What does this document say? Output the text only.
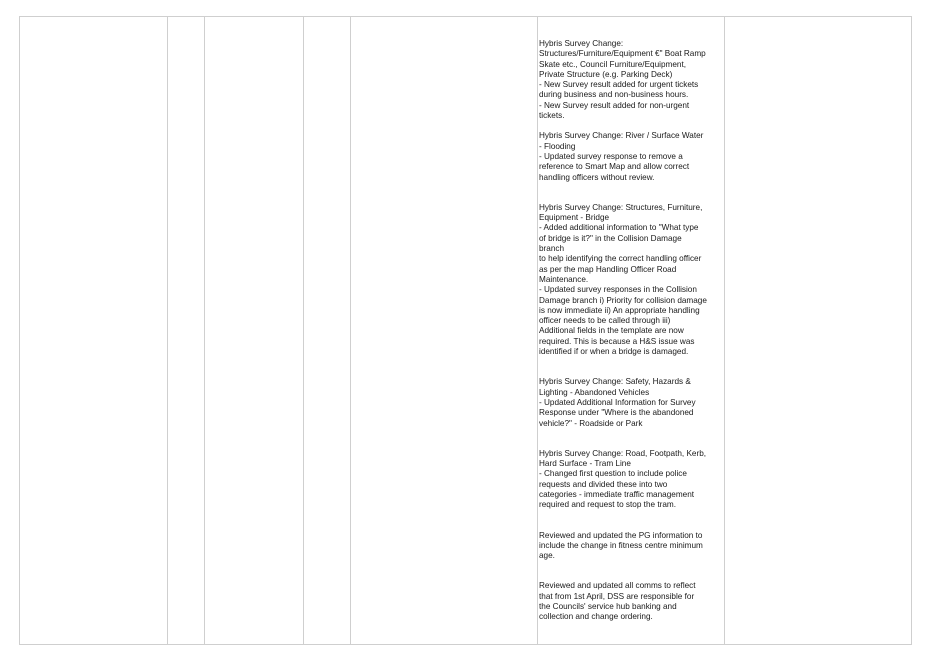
Hybris Survey Change:
Structures/Furniture/Equipment €" Boat Ramp
Skate etc., Council Furniture/Equipment,
Private Structure (e.g. Parking Deck)
- New Survey result added for urgent tickets
during business and non-business hours.
- New Survey result added for non-urgent
tickets.

Hybris Survey Change: River / Surface Water
- Flooding
- Updated survey response to remove a
reference to Smart Map and allow correct
handling officers without review.

Hybris Survey Change: Structures, Furniture,
Equipment - Bridge
- Added additional information to "What type
of bridge is it?" in the Collision Damage
branch
to help identifying the correct handling officer
as per the map Handling Officer Road
Maintenance.
- Updated survey responses in the Collision
Damage branch i) Priority for collision damage
is now immediate ii) An appropriate handling
officer needs to be called through iii)
Additional fields in the template are now
required. This is because a H&S issue was
identified if or when a bridge is damaged.

Hybris Survey Change: Safety, Hazards &
Lighting - Abandoned Vehicles
- Updated Additional Information for Survey
Response under "Where is the abandoned
vehicle?" - Roadside or Park

Hybris Survey Change: Road, Footpath, Kerb,
Hard Surface - Tram Line
- Changed first question to include police
requests and divided these into two
categories - immediate traffic management
required and request to stop the tram.

Reviewed and updated the PG information to
include the change in fitness centre minimum
age.

Reviewed and updated all comms to reflect
that from 1st April, DSS are responsible for
the Councils' service hub banking and
collection and change ordering.
